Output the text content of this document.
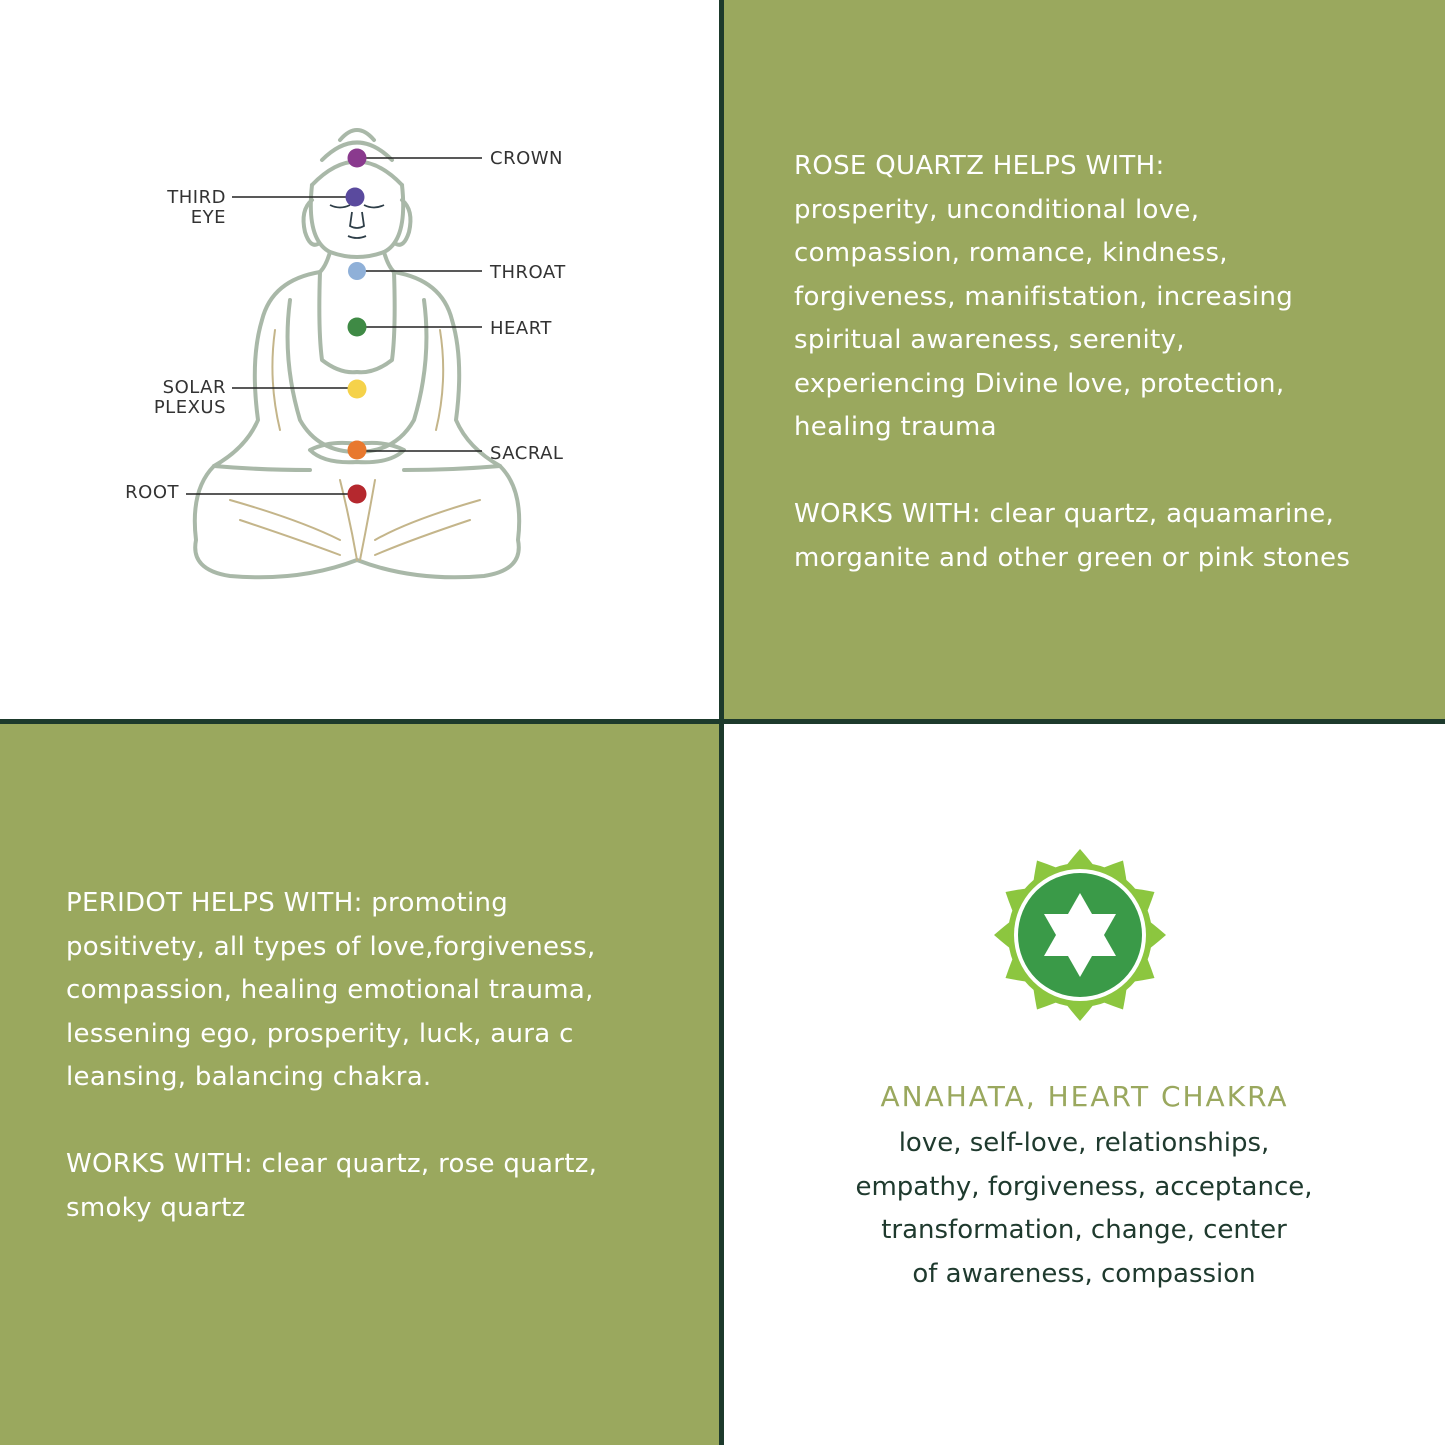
CROWN
THIRD
EYE
THROAT
HEART
SOLAR
PLEXUS
SACRAL
ROOT

ROSE QUARTZ HELPS WITH:

prosperity, unconditional love,

compassion, romance, kindness,

forgiveness, manifistation, increasing

spiritual awareness, serenity,

experiencing Divine love, protection,

healing trauma

WORKS WITH: clear quartz, aquamarine,

morganite and other green or pink stones

PERIDOT HELPS WITH: promoting

positivety, all types of love,forgiveness,

compassion, healing emotional trauma,

lessening ego, prosperity, luck, aura c

leansing, balancing chakra.

WORKS WITH: clear quartz, rose quartz,

smoky quartz

ANAHATA, HEART CHAKRA
love, self-love, relationships,
empathy, forgiveness, acceptance,
transformation, change, center
of awareness, compassion
